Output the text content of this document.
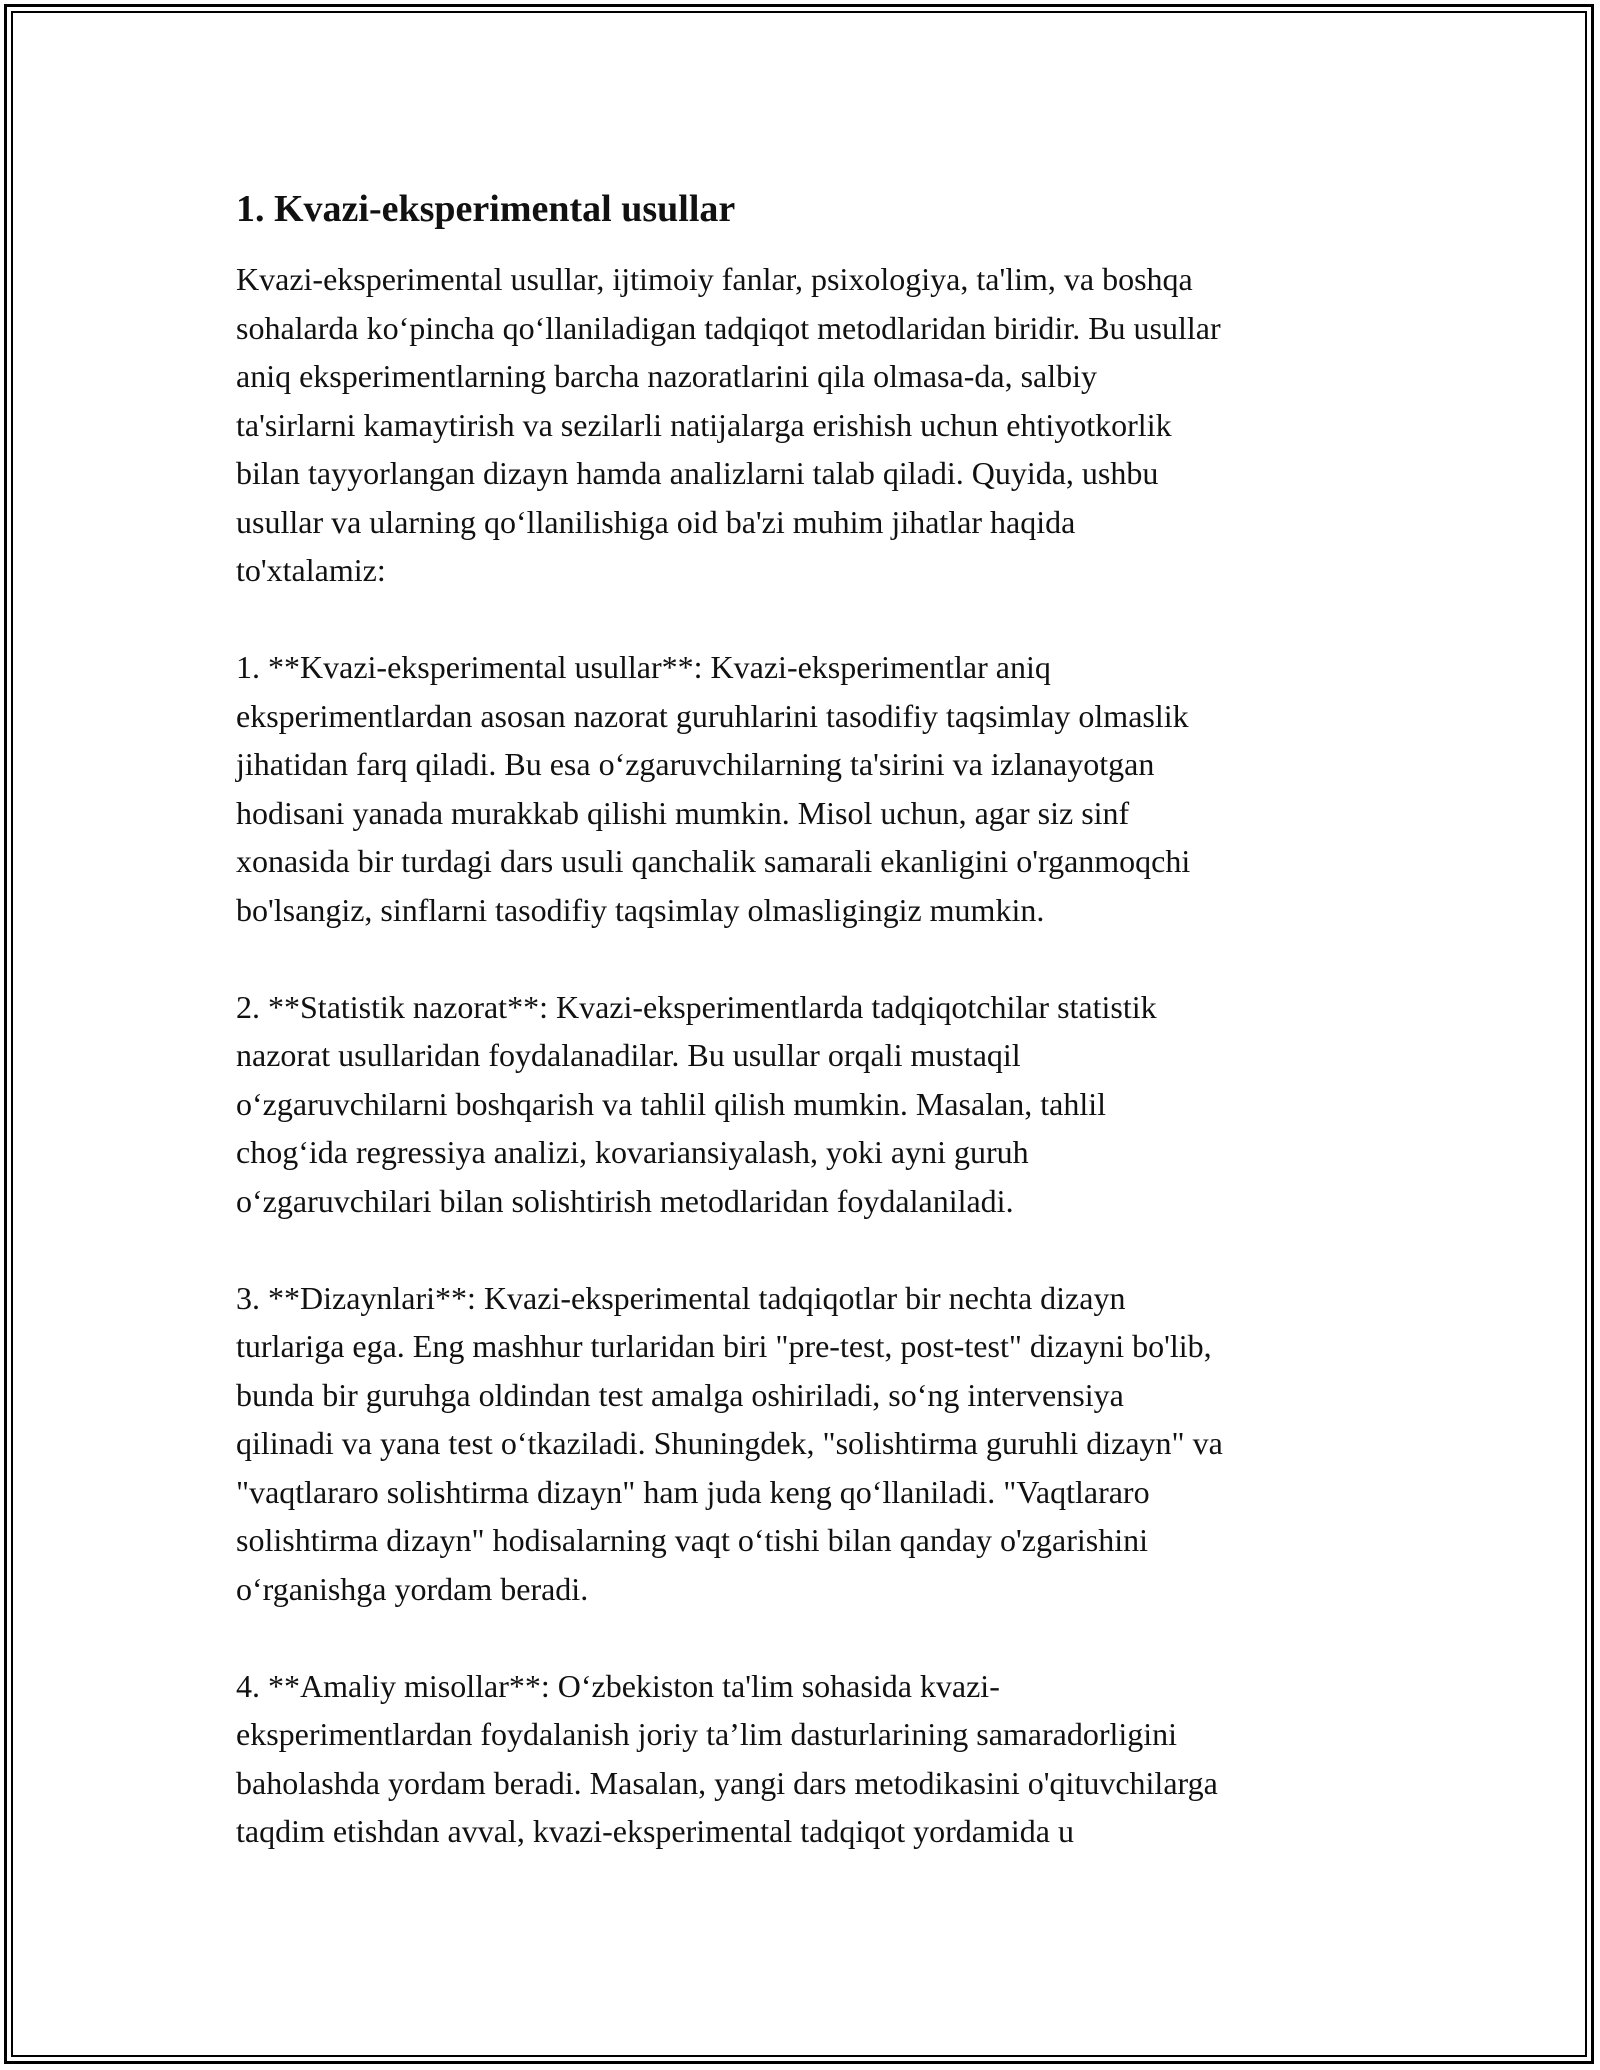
1. Kvazi-eksperimental usullar

Kvazi-eksperimental usullar, ijtimoiy fanlar, psixologiya, ta'lim, va boshqa
sohalarda ko‘pincha qo‘llaniladigan tadqiqot metodlaridan biridir. Bu usullar
aniq eksperimentlarning barcha nazoratlarini qila olmasa-da, salbiy
ta'sirlarni kamaytirish va sezilarli natijalarga erishish uchun ehtiyotkorlik
bilan tayyorlangan dizayn hamda analizlarni talab qiladi. Quyida, ushbu
usullar va ularning qo‘llanilishiga oid ba'zi muhim jihatlar haqida
to'xtalamiz:

1. **Kvazi-eksperimental usullar**: Kvazi-eksperimentlar aniq
eksperimentlardan asosan nazorat guruhlarini tasodifiy taqsimlay olmaslik
jihatidan farq qiladi. Bu esa o‘zgaruvchilarning ta'sirini va izlanayotgan
hodisani yanada murakkab qilishi mumkin. Misol uchun, agar siz sinf
xonasida bir turdagi dars usuli qanchalik samarali ekanligini o'rganmoqchi
bo'lsangiz, sinflarni tasodifiy taqsimlay olmasligingiz mumkin.

2. **Statistik nazorat**: Kvazi-eksperimentlarda tadqiqotchilar statistik
nazorat usullaridan foydalanadilar. Bu usullar orqali mustaqil
o‘zgaruvchilarni boshqarish va tahlil qilish mumkin. Masalan, tahlil
chog‘ida regressiya analizi, kovariansiyalash, yoki ayni guruh
o‘zgaruvchilari bilan solishtirish metodlaridan foydalaniladi.

3. **Dizaynlari**: Kvazi-eksperimental tadqiqotlar bir nechta dizayn
turlariga ega. Eng mashhur turlaridan biri "pre-test, post-test" dizayni bo'lib,
bunda bir guruhga oldindan test amalga oshiriladi, so‘ng intervensiya
qilinadi va yana test o‘tkaziladi. Shuningdek, "solishtirma guruhli dizayn" va
"vaqtlararo solishtirma dizayn" ham juda keng qo‘llaniladi. "Vaqtlararo
solishtirma dizayn" hodisalarning vaqt o‘tishi bilan qanday o'zgarishini
o‘rganishga yordam beradi.

4. **Amaliy misollar**: O‘zbekiston ta'lim sohasida kvazi-
eksperimentlardan foydalanish joriy ta’lim dasturlarining samaradorligini
baholashda yordam beradi. Masalan, yangi dars metodikasini o'qituvchilarga
taqdim etishdan avval, kvazi-eksperimental tadqiqot yordamida u
